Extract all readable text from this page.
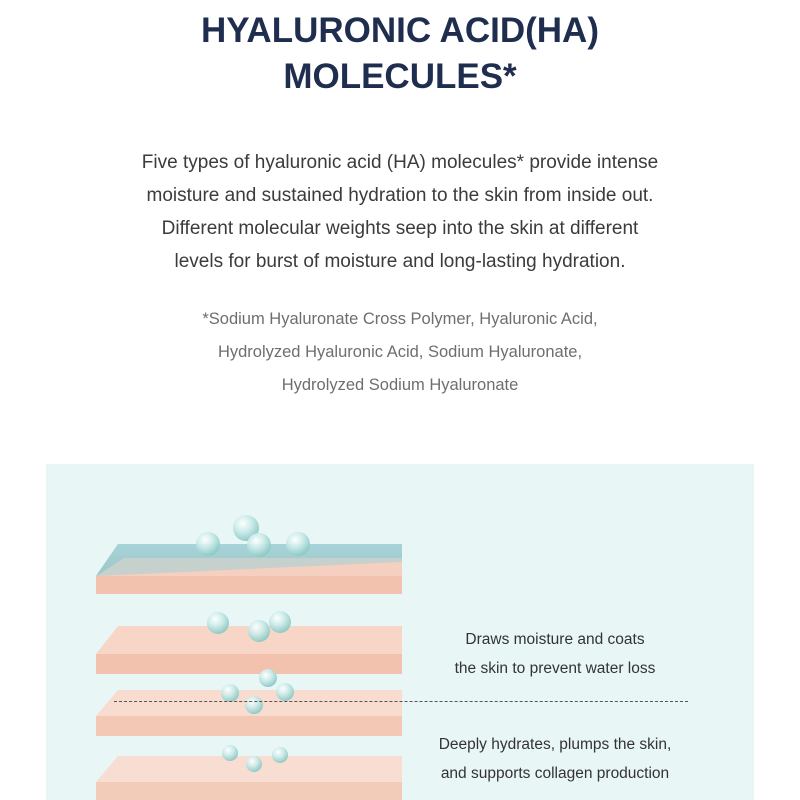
HYALURONIC ACID(HA)
MOLECULES*

Five types of hyaluronic acid (HA) molecules* provide intense
moisture and sustained hydration to the skin from inside out.
Different molecular weights seep into the skin at different
levels for burst of moisture and long-lasting hydration.

*Sodium Hyaluronate Cross Polymer, Hyaluronic Acid,
Hydrolyzed Hyaluronic Acid, Sodium Hyaluronate,
Hydrolyzed Sodium Hyaluronate

Draws moisture and coats
the skin to prevent water loss
Deeply hydrates, plumps the skin,
and supports collagen production
